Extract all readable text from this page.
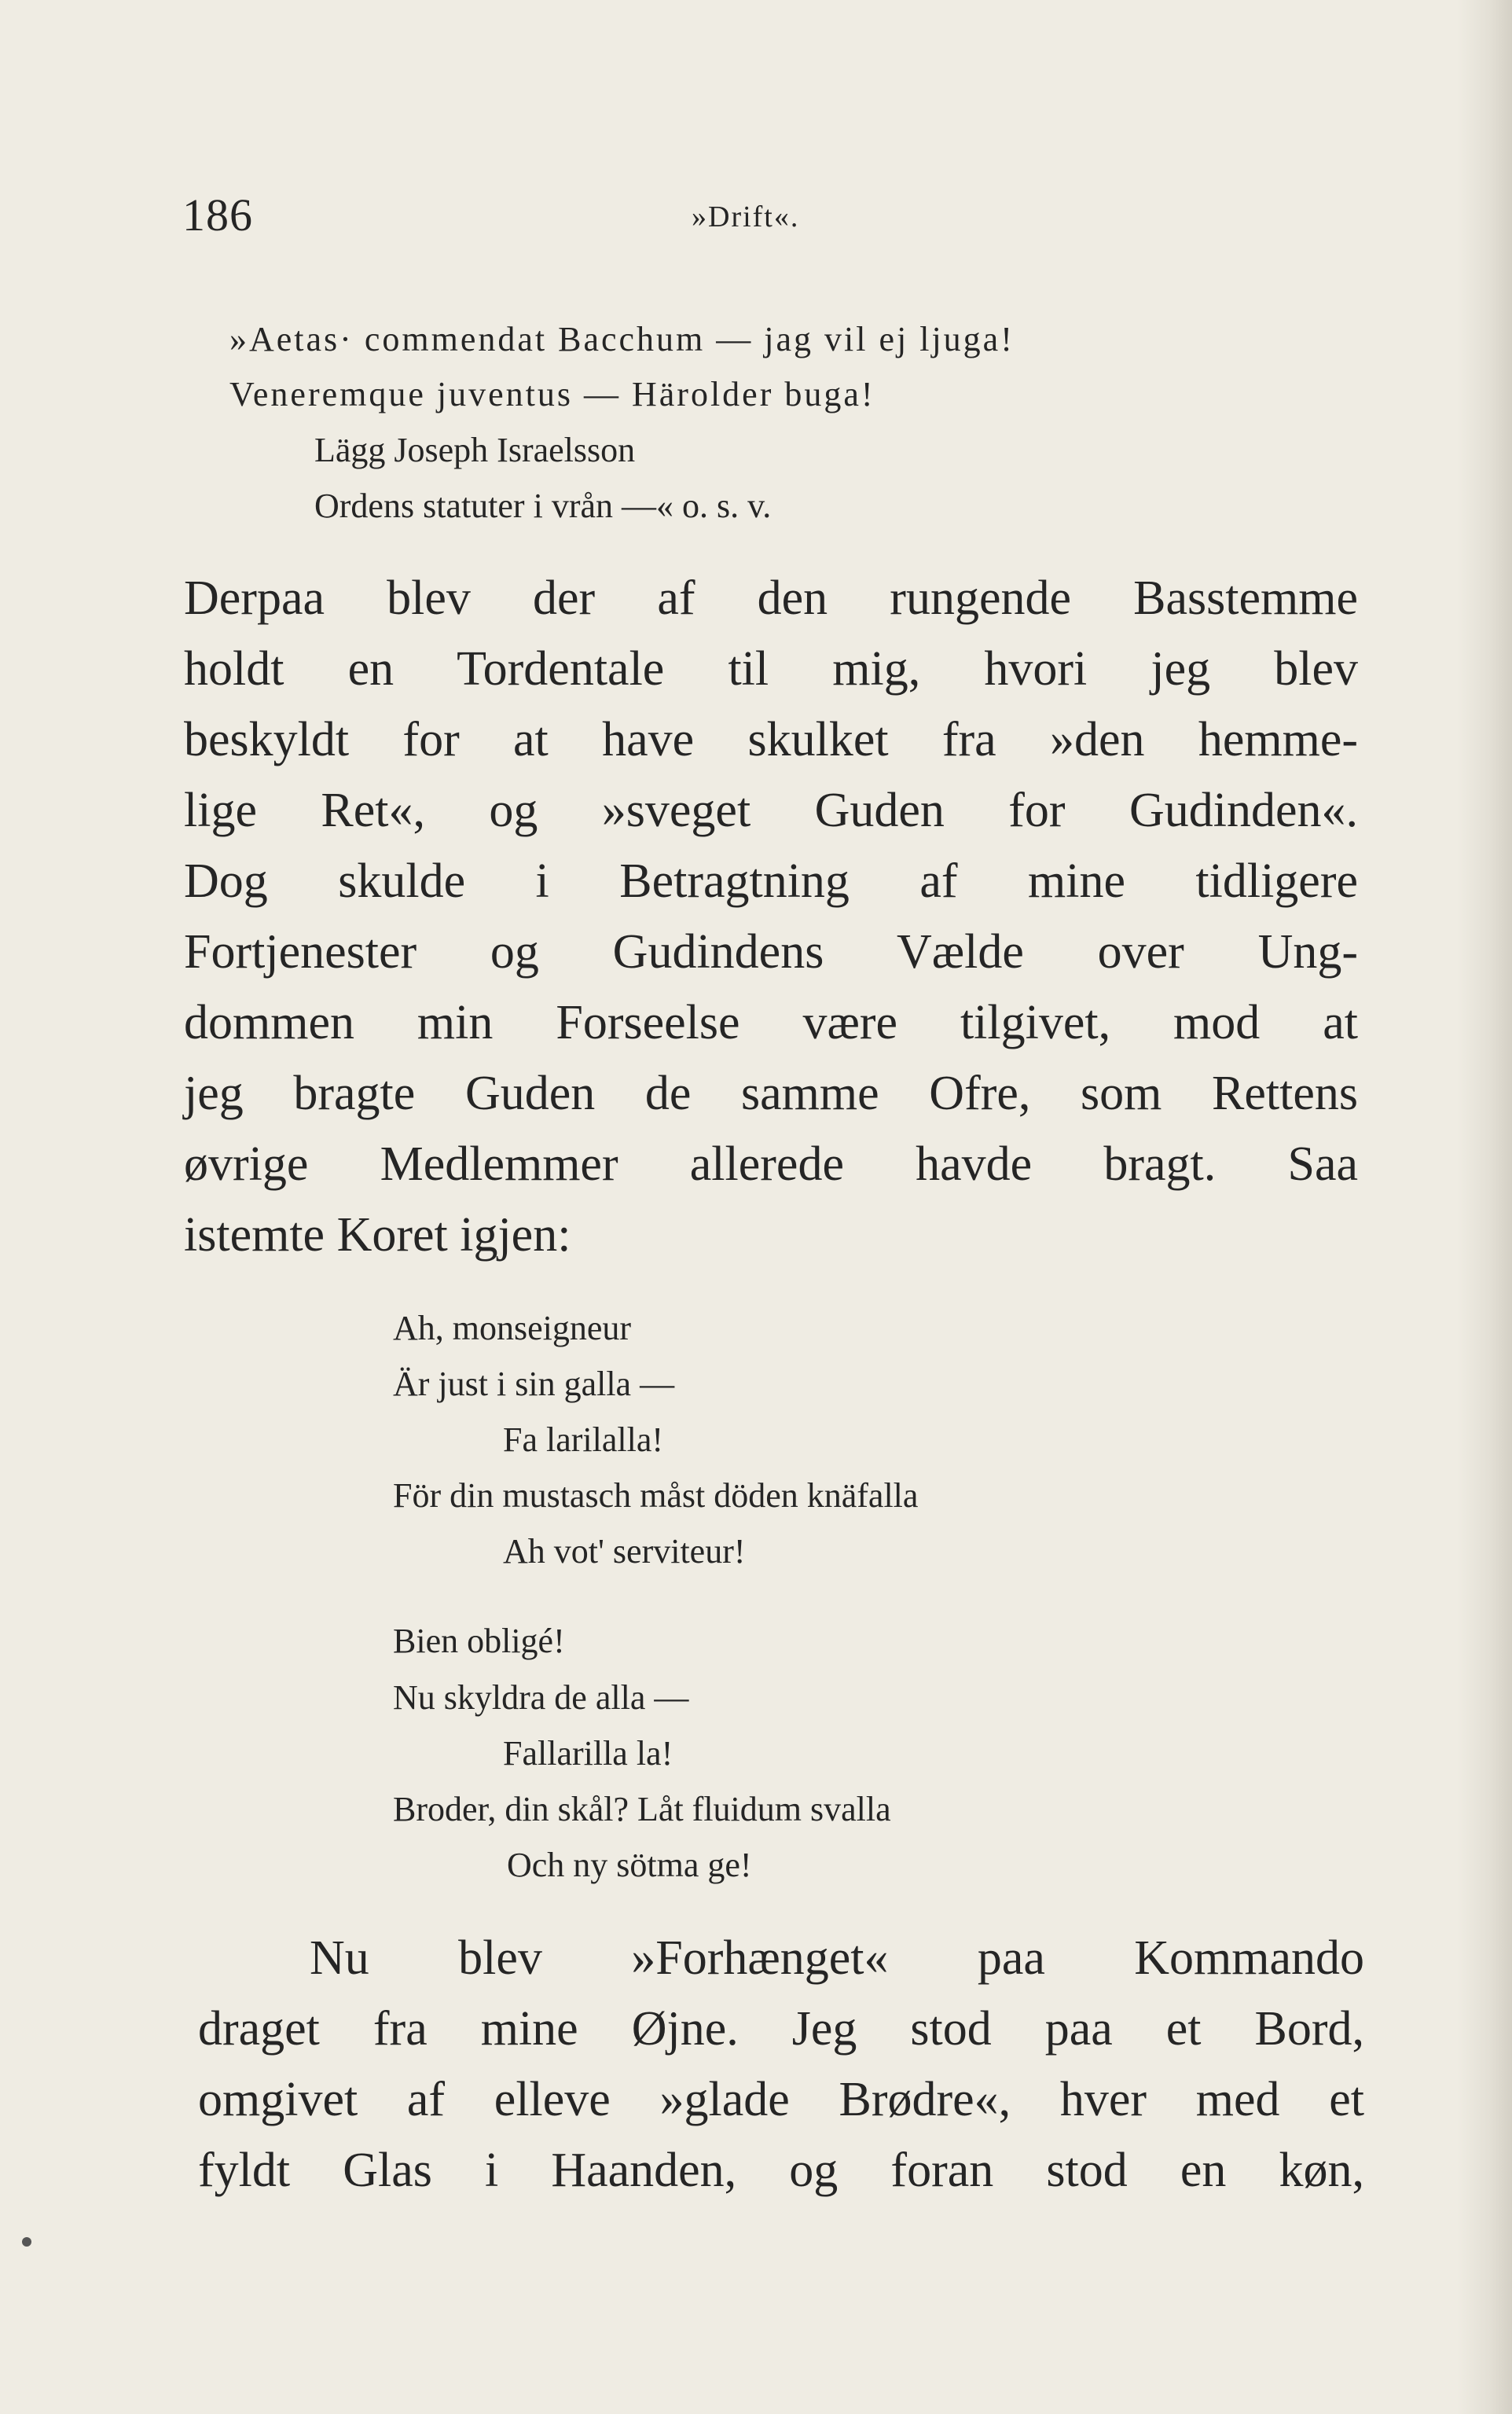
186	»Drift«.
»Aetas· commendat Bacchum — jag vil ej ljuga!
Veneremque juventus — Härolder buga!
Lägg Joseph Israelsson
Ordens statuter i vrån —« o. s. v.
Derpaa blev der af den rungende Basstemme
holdt en Tordentale til mig, hvori jeg blev
beskyldt for at have skulket fra »den hemme-
lige Ret«, og »sveget Guden for Gudinden«.
Dog skulde i Betragtning af mine tidligere
Fortjenester og Gudindens Vælde over Ung-
dommen min Forseelse være tilgivet, mod at
jeg bragte Guden de samme Ofre, som Rettens
øvrige Medlemmer allerede havde bragt. Saa
istemte Koret igjen:
Ah, monseigneur
Är just i sin galla —
Fa larilalla!
För din mustasch måst döden knäfalla
Ah vot' serviteur!
Bien obligé!
Nu skyldra de alla —
Fallarilla la!
Broder, din skål? Låt fluidum svalla
Och ny sötma ge!
Nu blev »Forhænget« paa Kommando
draget fra mine Øjne. Jeg stod paa et Bord,
omgivet af elleve »glade Brødre«, hver med et
fyldt Glas i Haanden, og foran stod en køn,
